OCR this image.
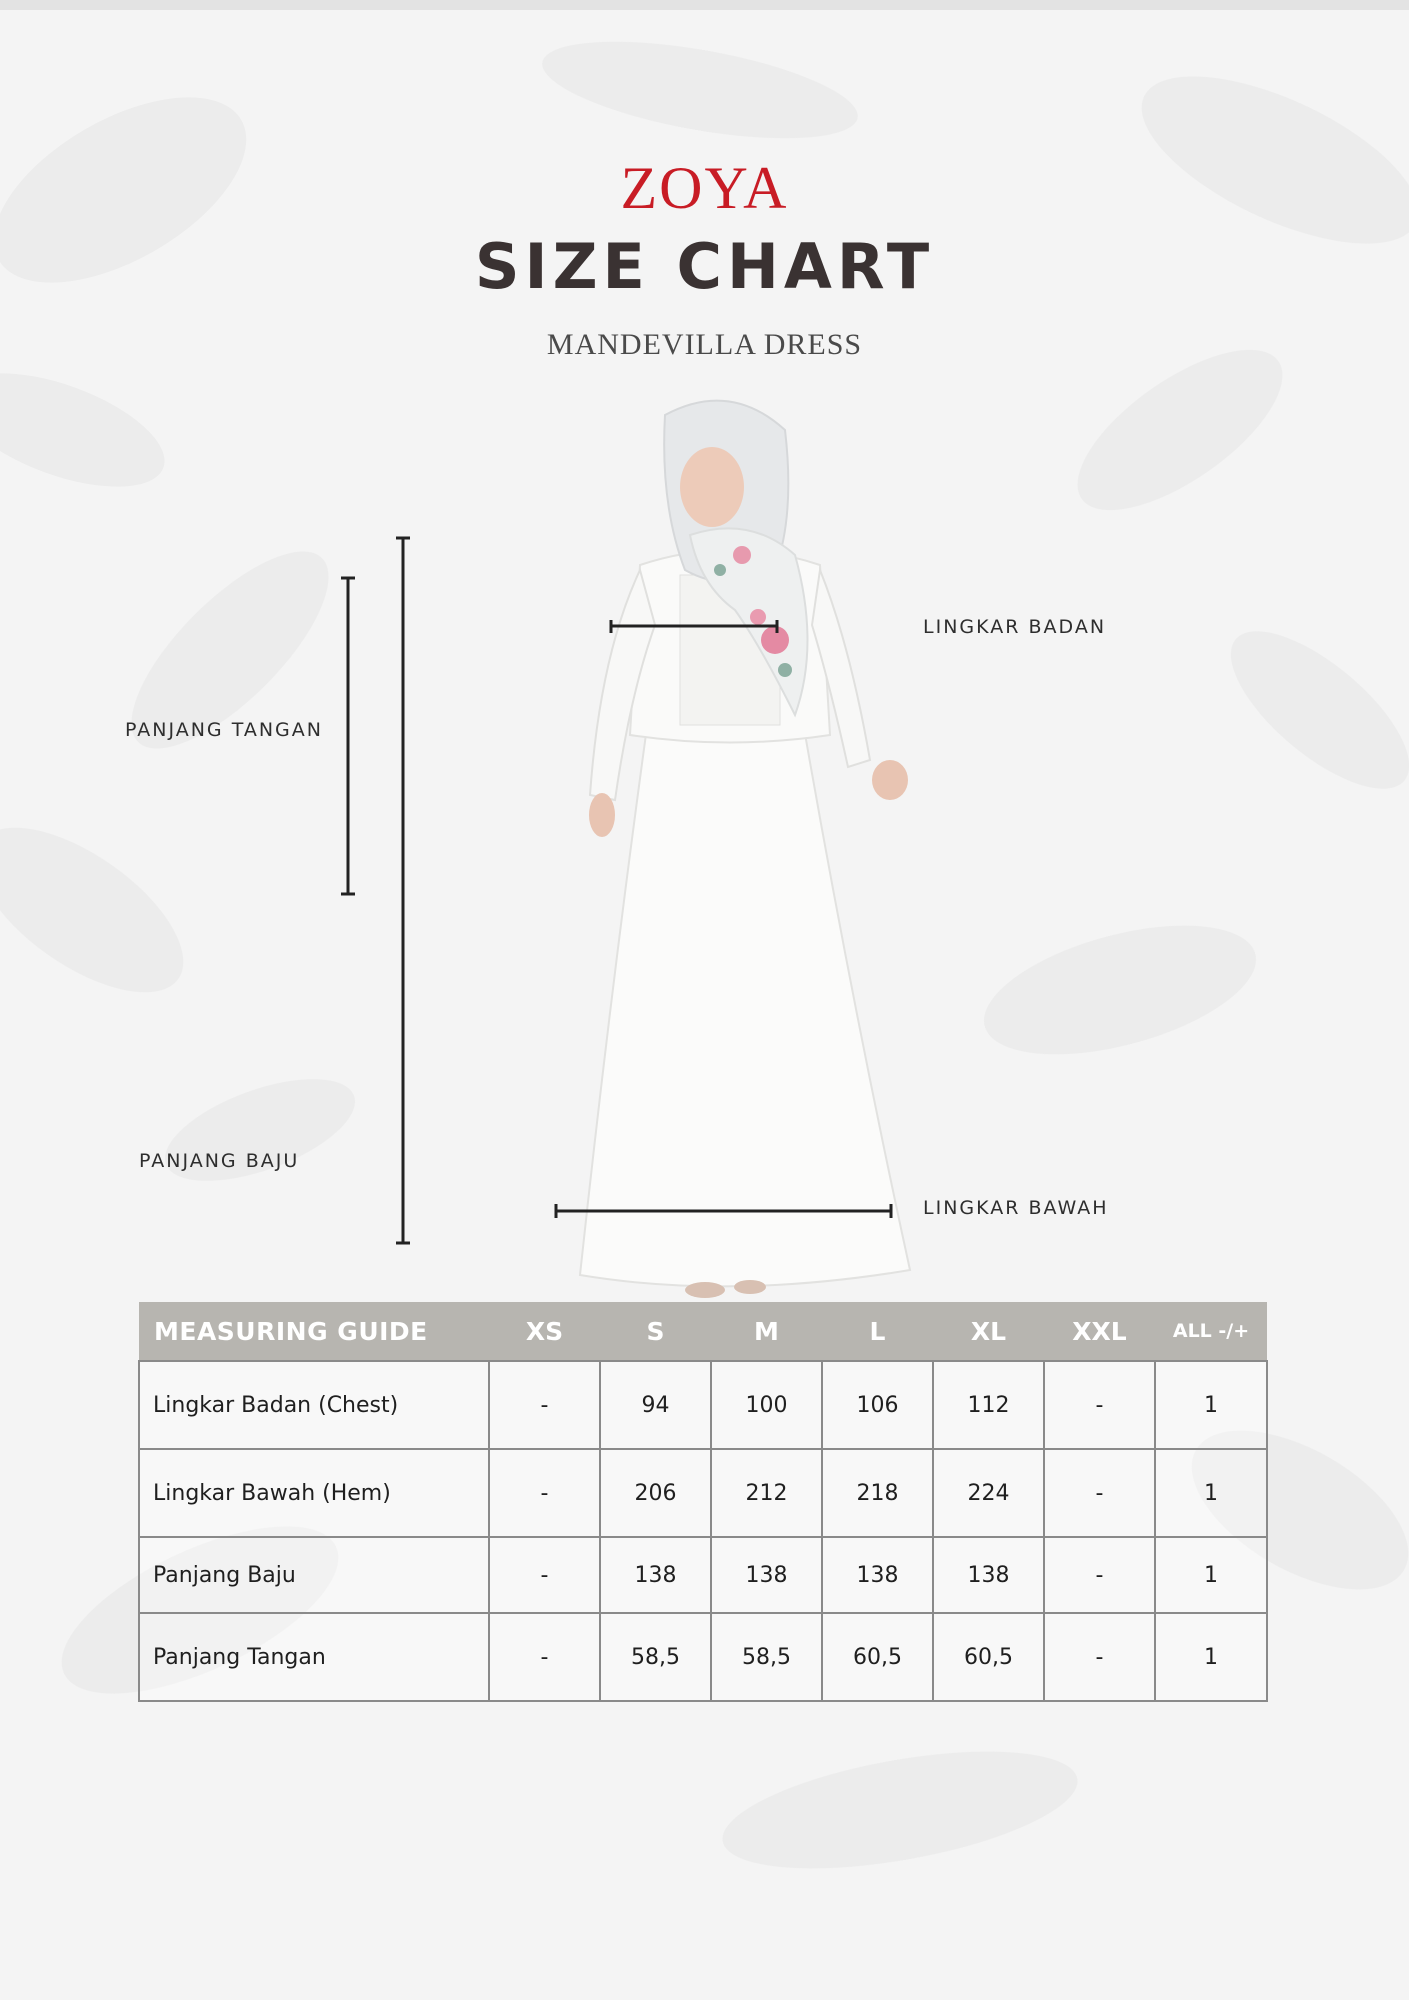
ZOYA
SIZE CHART
MANDEVILLA DRESS
LINGKAR BADAN
PANJANG TANGAN
PANJANG BAJU
LINGKAR BAWAH
MEASURING GUIDE	XS	S	M	L	XL	XXL	ALL -/+
Lingkar Badan (Chest)	-	94	100	106	112	-	1
Lingkar Bawah (Hem)	-	206	212	218	224	-	1
Panjang Baju	-	138	138	138	138	-	1
Panjang Tangan	-	58,5	58,5	60,5	60,5	-	1
